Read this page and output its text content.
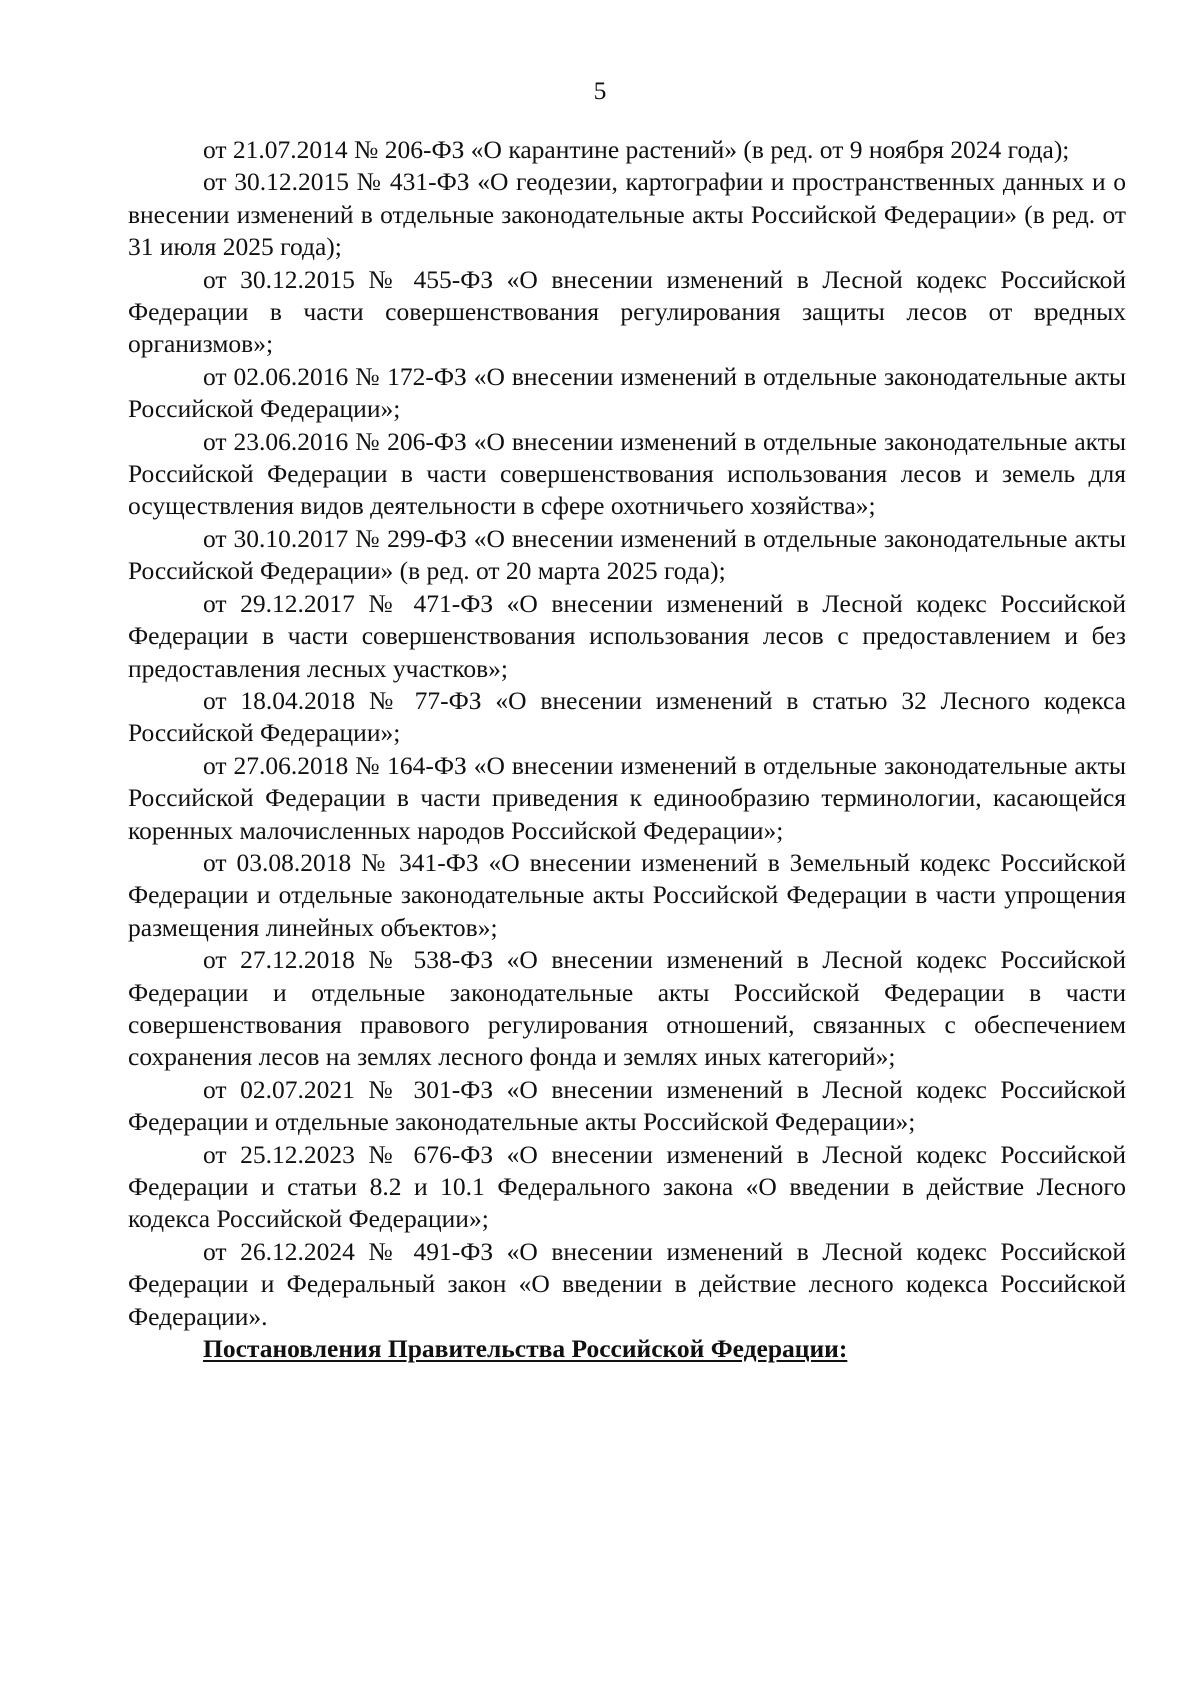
5

от 21.07.2014 № 206-ФЗ «О карантине растений» (в ред. от 9 ноября 2024 года);

от 30.12.2015 № 431-ФЗ «О геодезии, картографии и пространственных данных и о внесении изменений в отдельные законодательные акты Российской Федерации» (в ред. от 31 июля 2025 года);

от 30.12.2015 № 455-ФЗ «О внесении изменений в Лесной кодекс Российской Федерации в части совершенствования регулирования защиты лесов от вредных организмов»;

от 02.06.2016 № 172-ФЗ «О внесении изменений в отдельные законодательные акты Российской Федерации»;

от 23.06.2016 № 206-ФЗ «О внесении изменений в отдельные законодательные акты Российской Федерации в части совершенствования использования лесов и земель для осуществления видов деятельности в сфере охотничьего хозяйства»;

от 30.10.2017 № 299-ФЗ «О внесении изменений в отдельные законодательные акты Российской Федерации» (в ред. от 20 марта 2025 года);

от 29.12.2017 № 471-ФЗ «О внесении изменений в Лесной кодекс Российской Федерации в части совершенствования использования лесов с предоставлением и без предоставления лесных участков»;

от 18.04.2018 № 77-ФЗ «О внесении изменений в статью 32 Лесного кодекса Российской Федерации»;

от 27.06.2018 № 164-ФЗ «О внесении изменений в отдельные законодательные акты Российской Федерации в части приведения к единообразию терминологии, касающейся коренных малочисленных народов Российской Федерации»;

от 03.08.2018 № 341-ФЗ «О внесении изменений в Земельный кодекс Российской Федерации и отдельные законодательные акты Российской Федерации в части упрощения размещения линейных объектов»;

от 27.12.2018 № 538-ФЗ «О внесении изменений в Лесной кодекс Российской Федерации и отдельные законодательные акты Российской Федерации в части совершенствования правового регулирования отношений, связанных с обеспечением сохранения лесов на землях лесного фонда и землях иных категорий»;

от 02.07.2021 № 301-ФЗ «О внесении изменений в Лесной кодекс Российской Федерации и отдельные законодательные акты Российской Федерации»;

от 25.12.2023 № 676-ФЗ «О внесении изменений в Лесной кодекс Российской Федерации и статьи 8.2 и 10.1 Федерального закона «О введении в действие Лесного кодекса Российской Федерации»;

от 26.12.2024 № 491-ФЗ «О внесении изменений в Лесной кодекс Российской Федерации и Федеральный закон «О введении в действие лесного кодекса Российской Федерации».

Постановления Правительства Российской Федерации:
